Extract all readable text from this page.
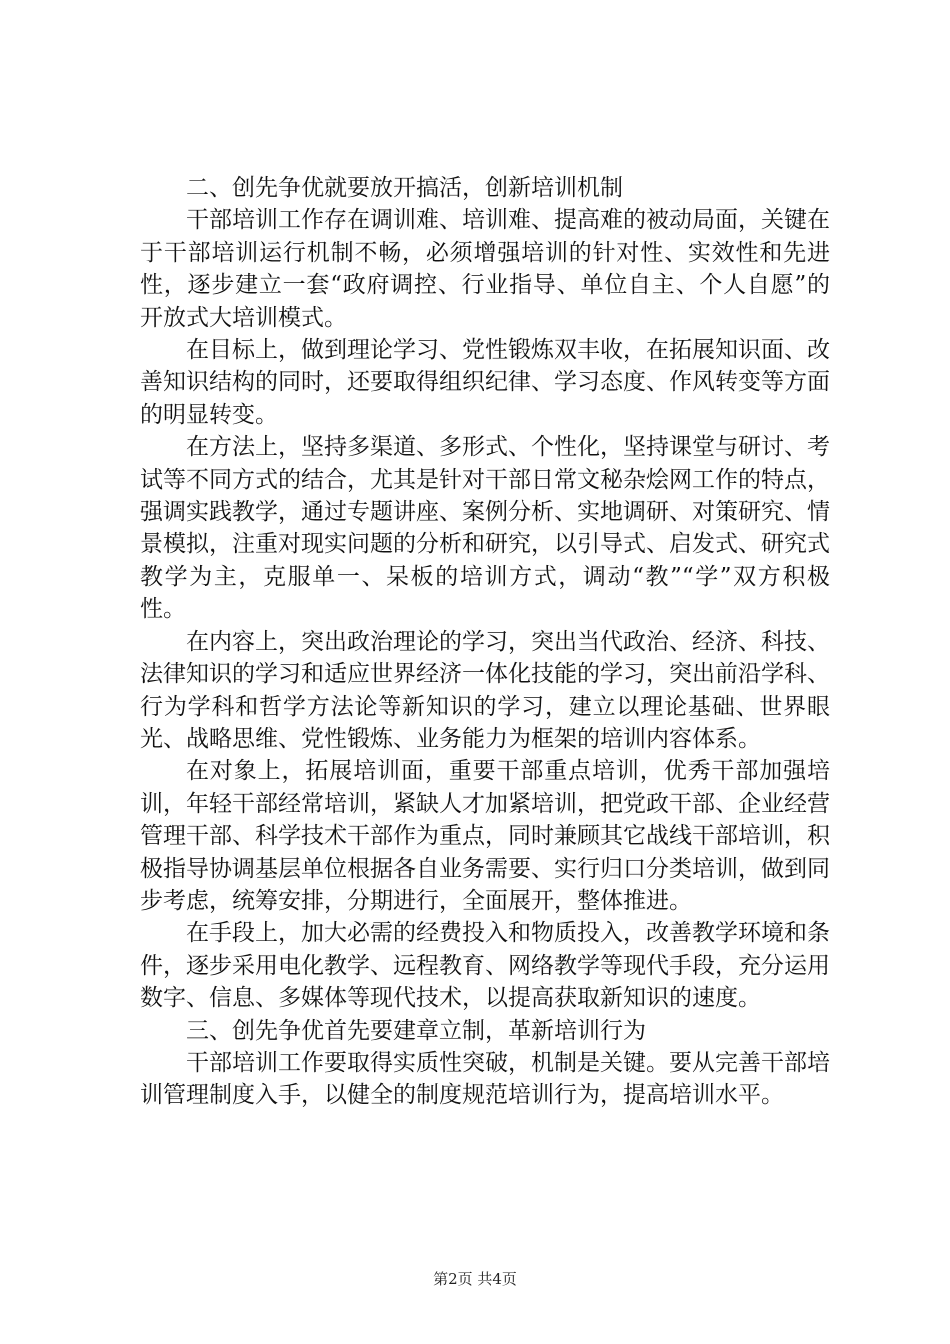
二、创先争优就要放开搞活，创新培训机制

干部培训工作存在调训难、培训难、提高难的被动局面，关键在于干部培训运行机制不畅，必须增强培训的针对性、实效性和先进性，逐步建立一套“政府调控、行业指导、单位自主、个人自愿”的开放式大培训模式。

在目标上，做到理论学习、党性锻炼双丰收，在拓展知识面、改善知识结构的同时，还要取得组织纪律、学习态度、作风转变等方面的明显转变。

在方法上，坚持多渠道、多形式、个性化，坚持课堂与研讨、考试等不同方式的结合，尤其是针对干部日常文秘杂烩网工作的特点，强调实践教学，通过专题讲座、案例分析、实地调研、对策研究、情景模拟，注重对现实问题的分析和研究，以引导式、启发式、研究式教学为主，克服单一、呆板的培训方式，调动“教”“学”双方积极性。

在内容上，突出政治理论的学习，突出当代政治、经济、科技、法律知识的学习和适应世界经济一体化技能的学习，突出前沿学科、行为学科和哲学方法论等新知识的学习，建立以理论基础、世界眼光、战略思维、党性锻炼、业务能力为框架的培训内容体系。

在对象上，拓展培训面，重要干部重点培训，优秀干部加强培训，年轻干部经常培训，紧缺人才加紧培训，把党政干部、企业经营管理干部、科学技术干部作为重点，同时兼顾其它战线干部培训，积极指导协调基层单位根据各自业务需要、实行归口分类培训，做到同步考虑，统筹安排，分期进行，全面展开，整体推进。

在手段上，加大必需的经费投入和物质投入，改善教学环境和条件，逐步采用电化教学、远程教育、网络教学等现代手段，充分运用数字、信息、多媒体等现代技术，以提高获取新知识的速度。

三、创先争优首先要建章立制，革新培训行为

干部培训工作要取得实质性突破，机制是关键。要从完善干部培训管理制度入手，以健全的制度规范培训行为，提高培训水平。

第2页 共4页
